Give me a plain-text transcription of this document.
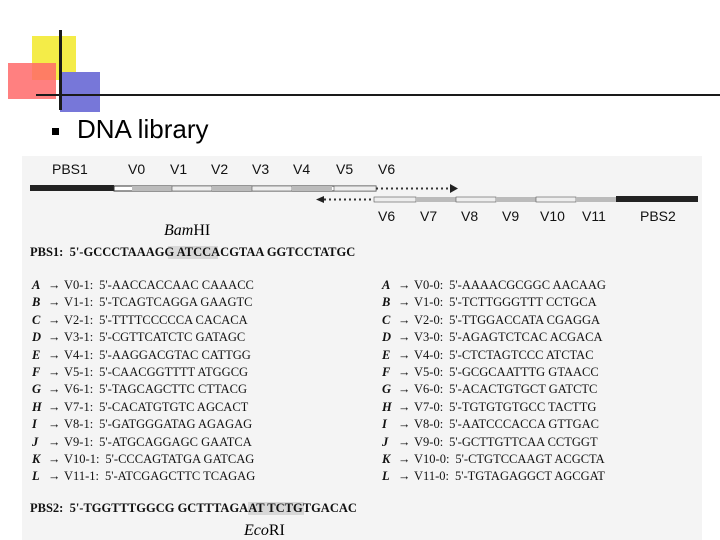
DNA library
PBS1	V0 V1 V2 V3 V4 V5 V6
V6 V7 V8 V9 V10 V11 PBS2
BamHI
PBS1:  5'-GCCCTAAAGG ATCCACGTAA GGTCCTATGC
A → V0-1: 5'-AACCACCAAC CAAACC
B → V1-1: 5'-TCAGTCAGGA GAAGTC
C → V2-1: 5'-TTTTCCCCCA CACACA
D → V3-1: 5'-CGTTCATCTC GATAGC
E → V4-1: 5'-AAGGACGTAC CATTGG
F → V5-1: 5'-CAACGGTTTT ATGGCG
G → V6-1: 5'-TAGCAGCTTC CTTACG
H → V7-1: 5'-CACATGTGTC AGCACT
I → V8-1: 5'-GATGGGATAG AGAGAG
J → V9-1: 5'-ATGCAGGAGC GAATCA
K → V10-1: 5'-CCCAGTATGA GATCAG
L → V11-1: 5'-ATCGAGCTTC TCAGAG
A → V0-0: 5'-AAAACGCGGC AACAAG
B → V1-0: 5'-TCTTGGGTTT CCTGCA
C → V2-0: 5'-TTGGACCATA CGAGGA
D → V3-0: 5'-AGAGTCTCAC ACGACA
E → V4-0: 5'-CTCTAGTCCC ATCTAC
F → V5-0: 5'-GCGCAATTTG GTAACC
G → V6-0: 5'-ACACTGTGCT GATCTC
H → V7-0: 5'-TGTGTGTGCC TACTTG
I → V8-0: 5'-AATCCCACCA GTTGAC
J → V9-0: 5'-GCTTGTTCAA CCTGGT
K → V10-0: 5'-CTGTCCAAGT ACGCTA
L → V11-0: 5'-TGTAGAGGCT AGCGAT
PBS2:  5'-TGGTTTGGCG GCTTTAGAAT TCTGTGACAC
EcoRI
